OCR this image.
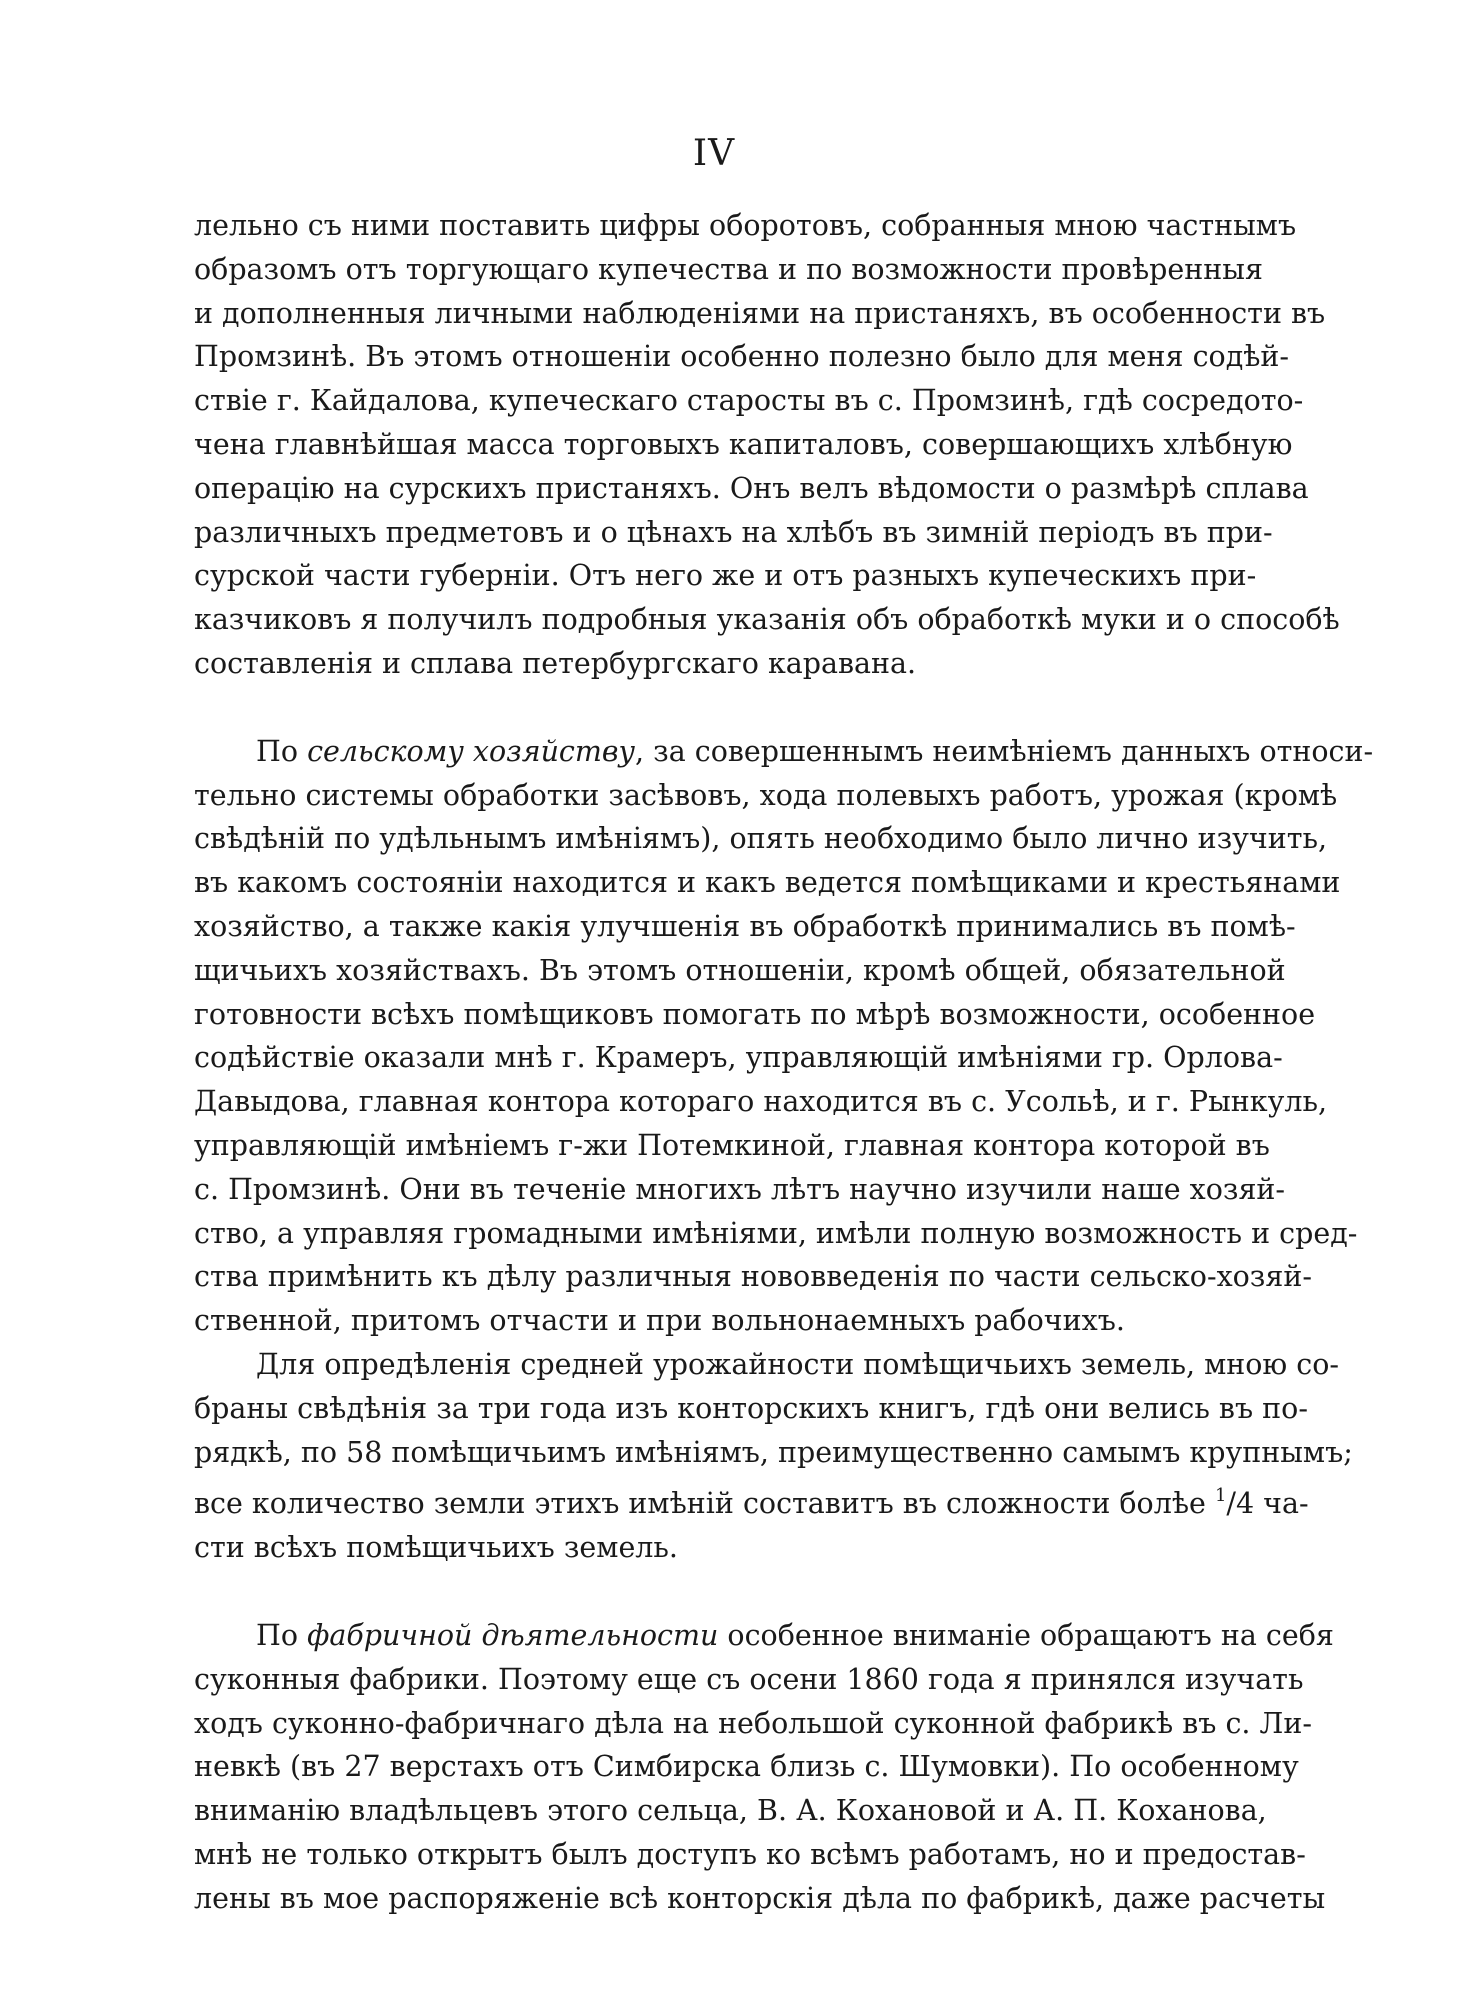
IV

лельно съ ними поставить цифры оборотовъ, собранныя мною частнымъ
образомъ отъ торгующаго купечества и по возможности провѣренныя
и дополненныя личными наблюденiями на пристаняхъ, въ особенности въ
Промзинѣ. Въ этомъ отношенiи особенно полезно было для меня содѣй-
ствiе г. Кайдалова, купеческаго старосты въ с. Промзинѣ, гдѣ сосредото-
чена главнѣйшая масса торговыхъ капиталовъ, совершающихъ хлѣбную
операцiю на сурскихъ пристаняхъ. Онъ велъ вѣдомости о размѣрѣ сплава
различныхъ предметовъ и о цѣнахъ на хлѣбъ въ зимнiй перiодъ въ при-
сурской части губернiи. Отъ него же и отъ разныхъ купеческихъ при-
казчиковъ я получилъ подробныя указанiя объ обработкѣ муки и о способѣ
составленiя и сплава петербургскаго каравана.

По сельскому хозяйству, за совершеннымъ неимѣнiемъ данныхъ относи-
тельно системы обработки засѣвовъ, хода полевыхъ работъ, урожая (кромѣ
свѣдѣнiй по удѣльнымъ имѣнiямъ), опять необходимо было лично изучить,
въ какомъ состоянiи находится и какъ ведется помѣщиками и крестьянами
хозяйство, а также какiя улучшенiя въ обработкѣ принимались въ помѣ-
щичьихъ хозяйствахъ. Въ этомъ отношенiи, кромѣ общей, обязательной
готовности всѣхъ помѣщиковъ помогать по мѣрѣ возможности, особенное
содѣйствiе оказали мнѣ г. Крамеръ, управляющiй имѣнiями гр. Орлова-
Давыдова, главная контора котораго находится въ с. Усольѣ, и г. Рынкуль,
управляющiй имѣнiемъ г-жи Потемкиной, главная контора которой въ
с. Промзинѣ. Они въ теченiе многихъ лѣтъ научно изучили наше хозяй-
ство, а управляя громадными имѣнiями, имѣли полную возможность и сред-
ства примѣнить къ дѣлу различныя нововведенiя по части сельско-хозяй-
ственной, притомъ отчасти и при вольнонаемныхъ рабочихъ.

Для опредѣленiя средней урожайности помѣщичьихъ земель, мною со-
браны свѣдѣнiя за три года изъ конторскихъ книгъ, гдѣ они велись въ по-
рядкѣ, по 58 помѣщичьимъ имѣнiямъ, преимущественно самымъ крупнымъ;
все количество земли этихъ имѣнiй составитъ въ сложности болѣе $^1$/4 ча-
сти всѣхъ помѣщичьихъ земель.

По фабричной дѣятельности особенное вниманiе обращаютъ на себя
суконныя фабрики. Поэтому еще съ осени 1860 года я принялся изучать
ходъ суконно-фабричнаго дѣла на небольшой суконной фабрикѣ въ с. Ли-
невкѣ (въ 27 верстахъ отъ Симбирска близь с. Шумовки). По особенному
вниманiю владѣльцевъ этого сельца, В. А. Кохановой и А. П. Коханова,
мнѣ не только открытъ былъ доступъ ко всѣмъ работамъ, но и предостав-
лены въ мое распоряженiе всѣ конторскiя дѣла по фабрикѣ, даже расчеты
